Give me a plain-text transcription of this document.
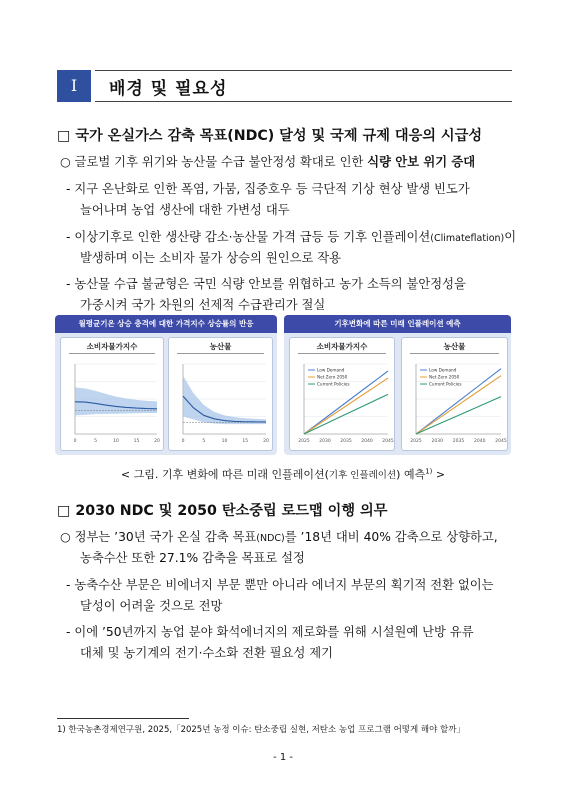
Ⅰ	배경 및 필요성
□ 국가 온실가스 감축 목표(NDC) 달성 및 국제 규제 대응의 시급성
○ 글로벌 기후 위기와 농산물 수급 불안정성 확대로 인한 식량 안보 위기 증대
- 지구 온난화로 인한 폭염, 가뭄, 집중호우 등 극단적 기상 현상 발생 빈도가
늘어나며 농업 생산에 대한 가변성 대두
- 이상기후로 인한 생산량 감소·농산물 가격 급등 등 기후 인플레이션(Climateflation)이
발생하며 이는 소비자 물가 상승의 원인으로 작용
- 농산물 수급 불균형은 국민 식량 안보를 위협하고 농가 소득의 불안정성을
가중시켜 국가 차원의 선제적 수급관리가 절실
월평균기온 상승 충격에 대한 가격지수 상승률의 반응
소비자물가지수
0	5	10	15	20
농산물
0	5	10	15	20
기후변화에 따른 미래 인플레이션 예측
소비자물가지수
2025 2030 2035 2040 2045
Low Demand
Net Zero 2050
Current Policies
농산물
2025 2030 2035 2040 2045
Low Demand
Net Zero 2050
Current Policies
< 그림. 기후 변화에 따른 미래 인플레이션(기후 인플레이션) 예측$^{1)}$ >
□ 2030 NDC 및 2050 탄소중립 로드맵 이행 의무
○ 정부는 ’30년 국가 온실 감축 목표(NDC)를 ’18년 대비 40% 감축으로 상향하고,
농축수산 또한 27.1% 감축을 목표로 설정
- 농축수산 부문은 비에너지 부문 뿐만 아니라 에너지 부문의 획기적 전환 없이는
달성이 어려울 것으로 전망
- 이에 ’50년까지 농업 분야 화석에너지의 제로화를 위해 시설원예 난방 유류
대체 및 농기계의 전기·수소화 전환 필요성 제기
1) 한국농촌경제연구원, 2025,「2025년 농정 이슈: 탄소중립 실현, 저탄소 농업 프로그램 어떻게 해야 할까」
- 1 -
